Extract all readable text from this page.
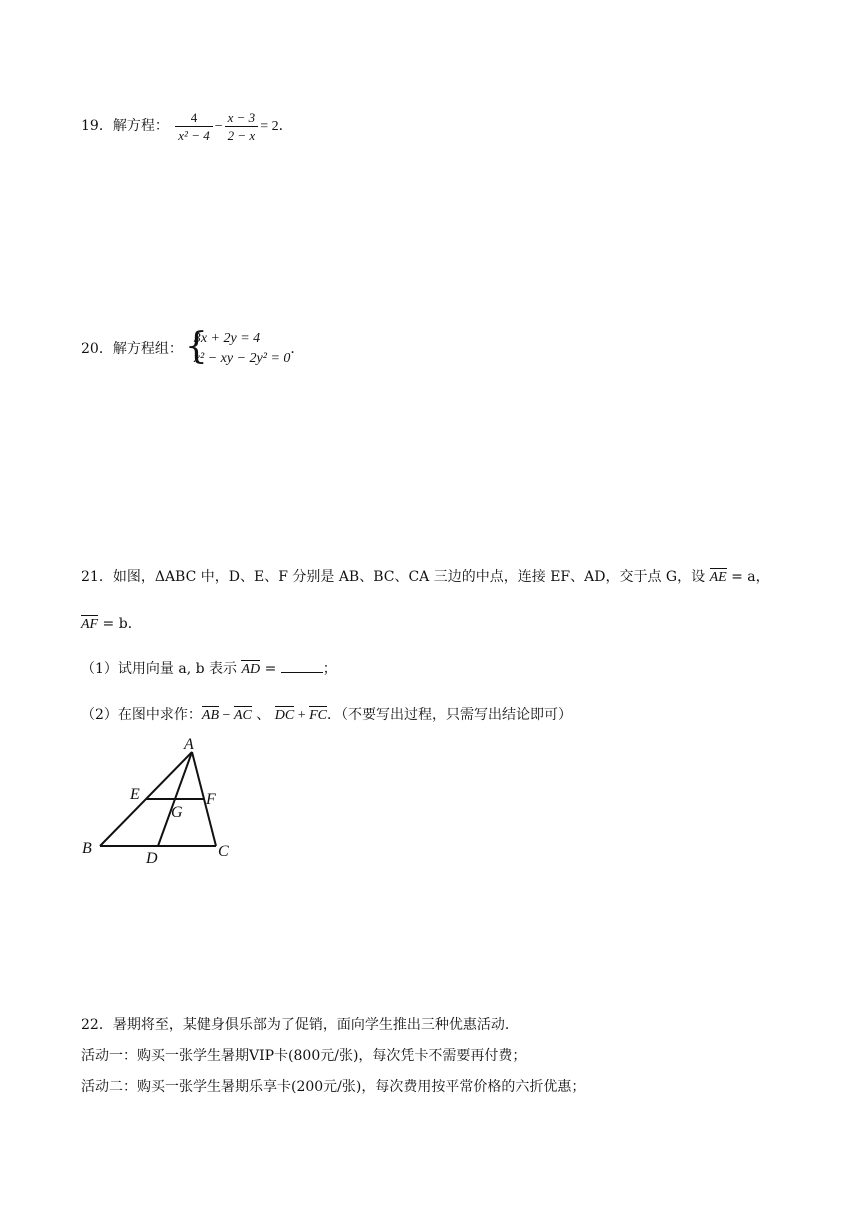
19．解方程： $\frac{4}{\text{x² − 4}} - \frac{x - 3}{2 - x} = 2$．
20．解方程组： {
3x + 2y = 4
x² − xy − 2y² = 0
．
21．如图，ΔABC 中，D、E、F 分别是 AB、BC、CA 三边的中点，连接 EF、AD，交于点 G，设 AE = a，
AF = b．
（1）试用向量 a, b 表示 AD =	；
（2）在图中求作：AB − AC 、 DC + FC．（不要写出过程，只需写出结论即可）
A
E	F
G
B
D	C
22．暑期将至，某健身俱乐部为了促销，面向学生推出三种优惠活动．
活动一：购买一张学生暑期VIP卡(800元/张)，每次凭卡不需要再付费；
活动二：购买一张学生暑期乐享卡(200元/张)，每次费用按平常价格的六折优惠；
